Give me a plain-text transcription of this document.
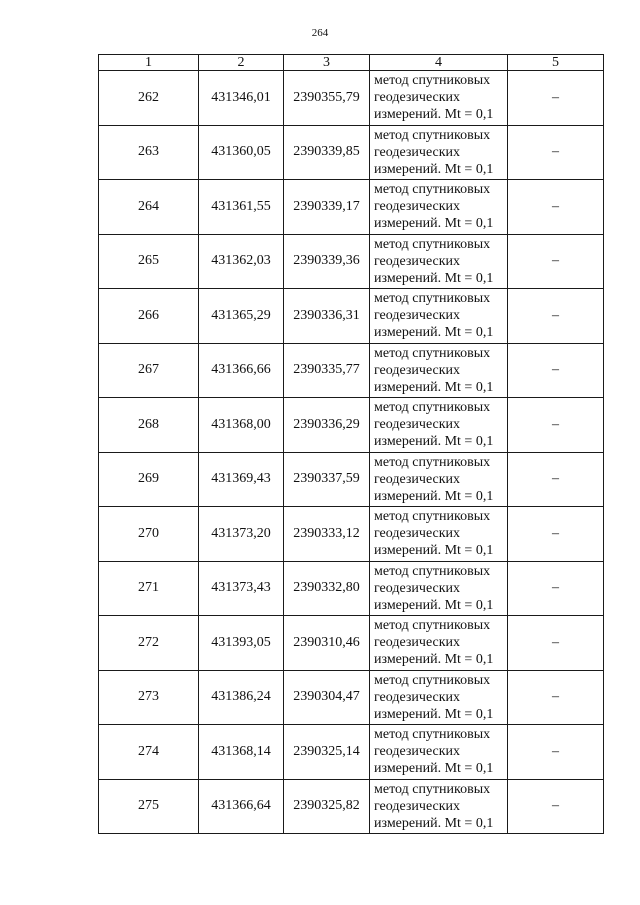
264
1	2	3	4	5
262	431346,01	2390355,79	метод спутниковых геодезических измерений. Mt = 0,1	–
263	431360,05	2390339,85	метод спутниковых геодезических измерений. Mt = 0,1	–
264	431361,55	2390339,17	метод спутниковых геодезических измерений. Mt = 0,1	–
265	431362,03	2390339,36	метод спутниковых геодезических измерений. Mt = 0,1	–
266	431365,29	2390336,31	метод спутниковых геодезических измерений. Mt = 0,1	–
267	431366,66	2390335,77	метод спутниковых геодезических измерений. Mt = 0,1	–
268	431368,00	2390336,29	метод спутниковых геодезических измерений. Mt = 0,1	–
269	431369,43	2390337,59	метод спутниковых геодезических измерений. Mt = 0,1	–
270	431373,20	2390333,12	метод спутниковых геодезических измерений. Mt = 0,1	–
271	431373,43	2390332,80	метод спутниковых геодезических измерений. Mt = 0,1	–
272	431393,05	2390310,46	метод спутниковых геодезических измерений. Mt = 0,1	–
273	431386,24	2390304,47	метод спутниковых геодезических измерений. Mt = 0,1	–
274	431368,14	2390325,14	метод спутниковых геодезических измерений. Mt = 0,1	–
275	431366,64	2390325,82	метод спутниковых геодезических измерений. Mt = 0,1	–
